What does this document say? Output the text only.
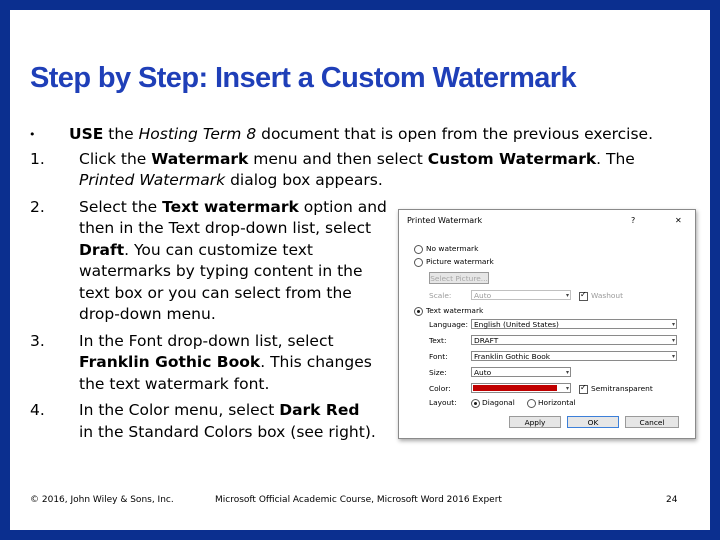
Step by Step: Insert a Custom Watermark
• USE the Hosting Term 8 document that is open from the previous exercise.
1. Click the Watermark menu and then select Custom Watermark. The
Printed Watermark dialog box appears.
2. Select the Text watermark option and
then in the Text drop-down list, select
Draft. You can customize text
watermarks by typing content in the
text box or you can select from the
drop-down menu.
3. In the Font drop-down list, select
Franklin Gothic Book. This changes
the text watermark font.
4. In the Color menu, select Dark Red
in the Standard Colors box (see right).
Printed Watermark	?	✕
No watermark
Picture watermark
Select Picture...
Scale:	Auto	▾ ✓	Washout
Text watermark
Language: English (United States)	▾
Text:	DRAFT	▾
Font:	Franklin Gothic Book	▾
Size:	Auto	▾
Color:	▾ ✓	Semitransparent
Layout:	Diagonal	Horizontal
Apply	OK	Cancel
© 2016, John Wiley & Sons, Inc.	Microsoft Official Academic Course, Microsoft Word 2016 Expert	24
